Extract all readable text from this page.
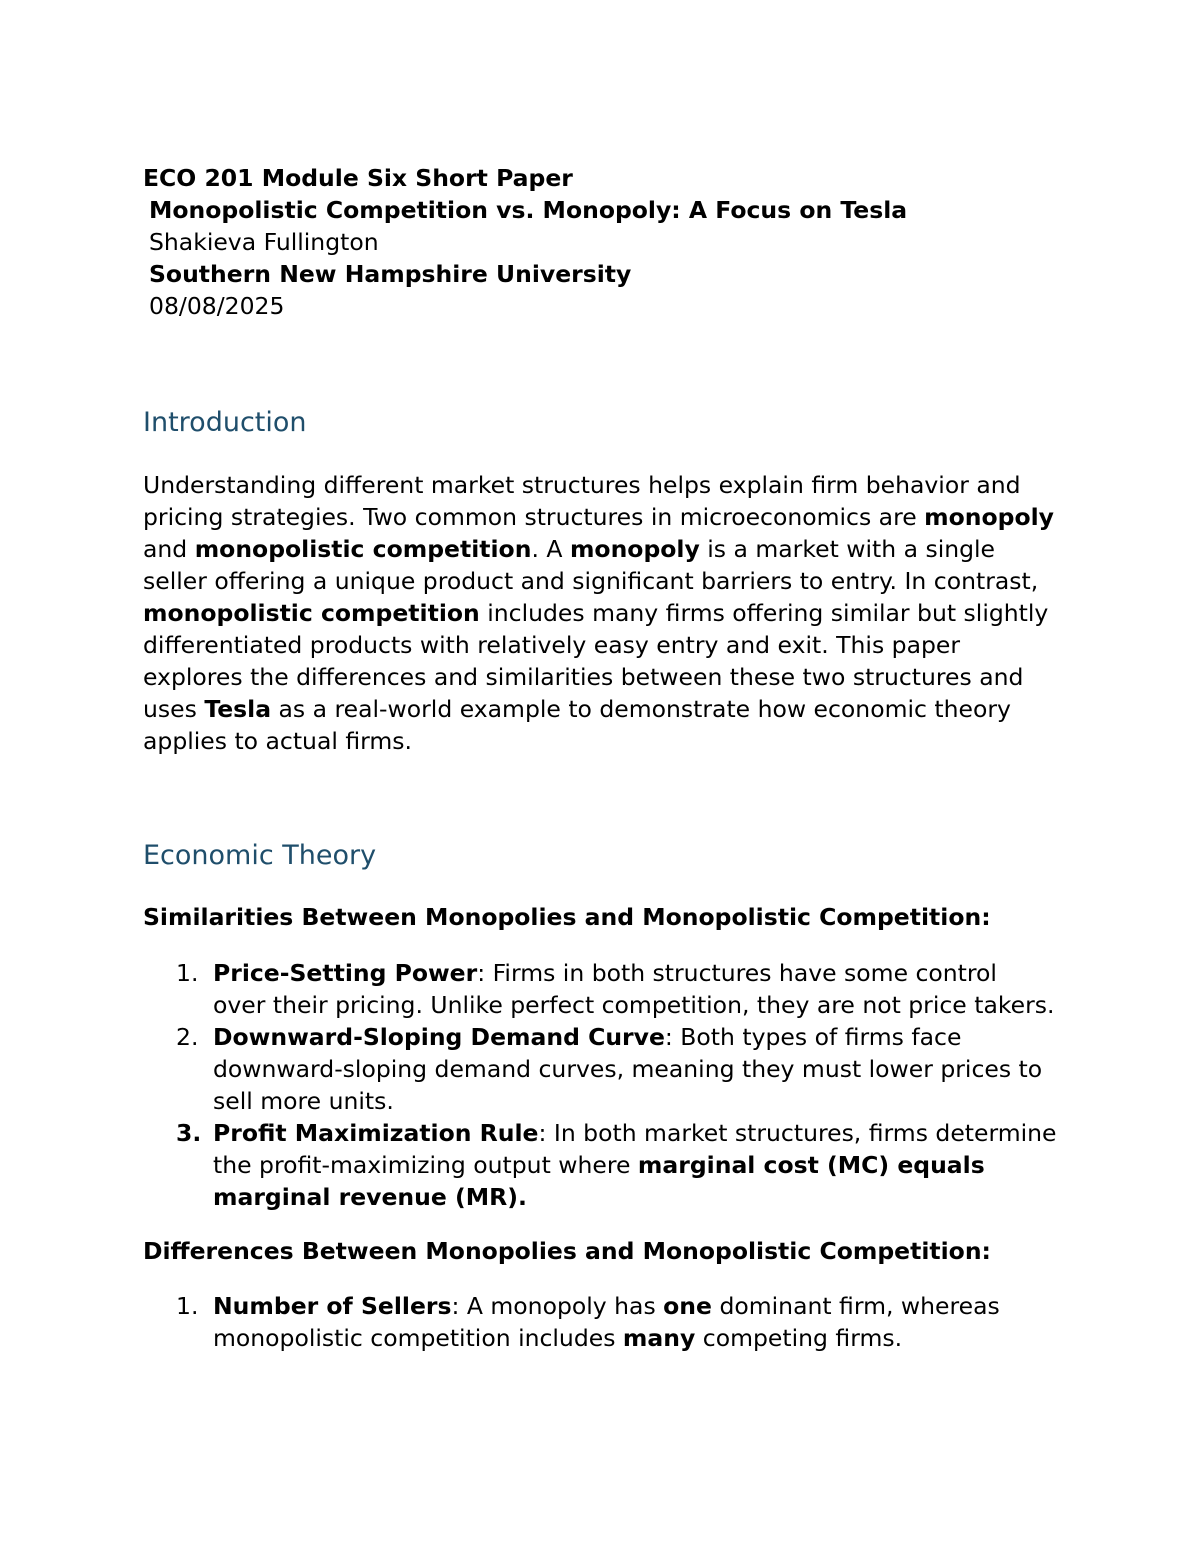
ECO 201 Module Six Short Paper
Monopolistic Competition vs. Monopoly: A Focus on Tesla
Shakieva Fullington
Southern New Hampshire University
08/08/2025
Introduction
Understanding different market structures helps explain firm behavior and
pricing strategies. Two common structures in microeconomics are monopoly
and monopolistic competition. A monopoly is a market with a single
seller offering a unique product and significant barriers to entry. In contrast,
monopolistic competition includes many firms offering similar but slightly
differentiated products with relatively easy entry and exit. This paper
explores the differences and similarities between these two structures and
uses Tesla as a real-world example to demonstrate how economic theory
applies to actual firms.
Economic Theory
Similarities Between Monopolies and Monopolistic Competition:
1. Price-Setting Power: Firms in both structures have some control
over their pricing. Unlike perfect competition, they are not price takers.
2. Downward-Sloping Demand Curve: Both types of firms face
downward-sloping demand curves, meaning they must lower prices to
sell more units.
3. Profit Maximization Rule: In both market structures, firms determine
the profit-maximizing output where marginal cost (MC) equals
marginal revenue (MR).
Differences Between Monopolies and Monopolistic Competition:
1. Number of Sellers: A monopoly has one dominant firm, whereas
monopolistic competition includes many competing firms.
